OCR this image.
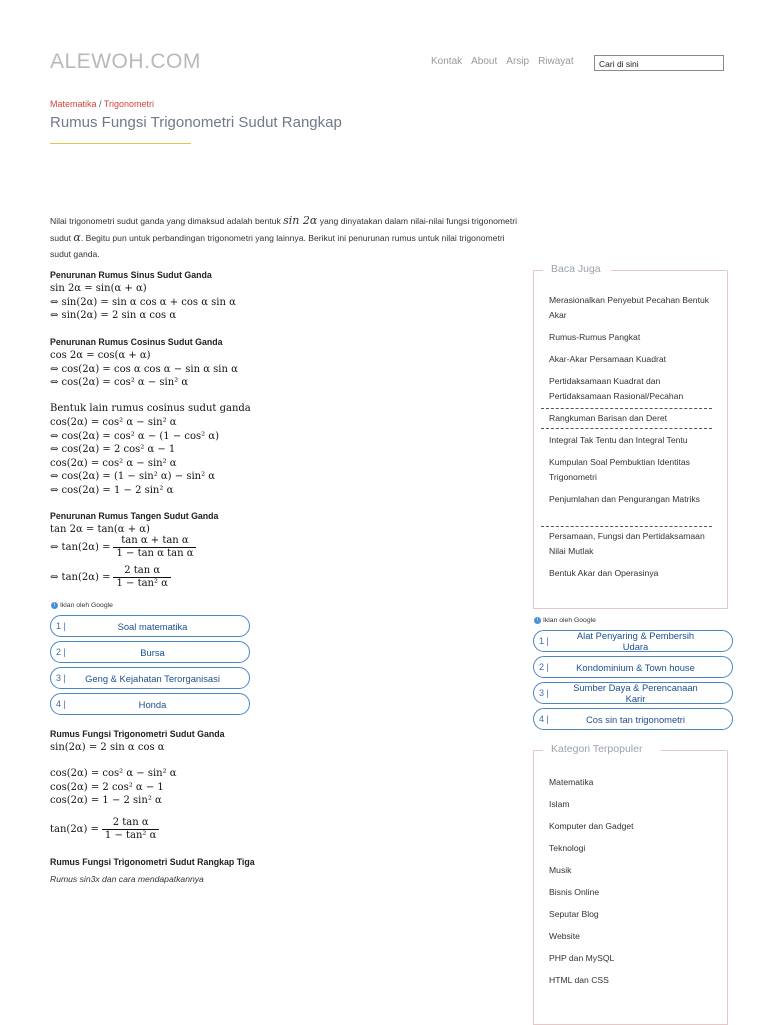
ALEWOH.COM	Kontak About Arsip Riwayat	Cari di sini
Matematika / Trigonometri
Rumus Fungsi Trigonometri Sudut Rangkap
Nilai trigonometri sudut ganda yang dimaksud adalah bentuk sin 2α yang dinyatakan dalam nilai-nilai fungsi trigonometri sudut α. Begitu pun untuk perbandingan trigonometri yang lainnya. Berikut ini penurunan rumus untuk nilai trigonometri sudut ganda.
Penurunan Rumus Sinus Sudut Ganda
sin 2α = sin(α + α)
⇔ sin(2α) = sin α cos α + cos α sin α
⇔ sin(2α) = 2 sin α cos α
Penurunan Rumus Cosinus Sudut Ganda
cos 2α = cos(α + α)
⇔ cos(2α) = cos α cos α − sin α sin α
⇔ cos(2α) = cos² α − sin² α
Bentuk lain rumus cosinus sudut ganda
cos(2α) = cos² α − sin² α
⇔ cos(2α) = cos² α − (1 − cos² α)
⇔ cos(2α) = 2 cos² α − 1
cos(2α) = cos² α − sin² α
⇔ cos(2α) = (1 − sin² α) − sin² α
⇔ cos(2α) = 1 − 2 sin² α
Penurunan Rumus Tangen Sudut Ganda
tan 2α = tan(α + α)
⇔ $\tan(2\alpha) = \frac{\text{tan α + tan α}}{\text{1 − tan α tan α}}$
⇔ $\tan(2\alpha) = \frac{\text{2 tan α}}{\text{1 − tan² α}}$
i Iklan oleh Google
1 |	Soal matematika
2 |	Bursa
3 |	Geng & Kejahatan Terorganisasi
4 |	Honda
Rumus Fungsi Trigonometri Sudut Ganda
sin(2α) = 2 sin α cos α
cos(2α) = cos² α − sin² α
cos(2α) = 2 cos² α − 1
cos(2α) = 1 − 2 sin² α
$\tan(2\alpha) = \frac{\text{2 tan α}}{\text{1 − tan² α}}$
Rumus Fungsi Trigonometri Sudut Rangkap Tiga
Rumus sin3x dan cara mendapatkannya
Baca Juga
Merasionalkan Penyebut Pecahan Bentuk Akar
Rumus-Rumus Pangkat
Akar-Akar Persamaan Kuadrat
Pertidaksamaan Kuadrat dan Pertidaksamaan Rasional/Pecahan
Rangkuman Barisan dan Deret
Integral Tak Tentu dan Integral Tentu
Kumpulan Soal Pembuktian Identitas Trigonometri
Penjumlahan dan Pengurangan Matriks
Persamaan, Fungsi dan Pertidaksamaan Nilai Mutlak
Bentuk Akar dan Operasinya
i Iklan oleh Google
1 |	Alat Penyaring & Pembersih Udara
2 |	Kondominium & Town house
3 |	Sumber Daya & Perencanaan Karir
4 |	Cos sin tan trigonometri
Kategori Terpopuler
Matematika
Islam
Komputer dan Gadget
Teknologi
Musik
Bisnis Online
Seputar Blog
Website
PHP dan MySQL
HTML dan CSS
